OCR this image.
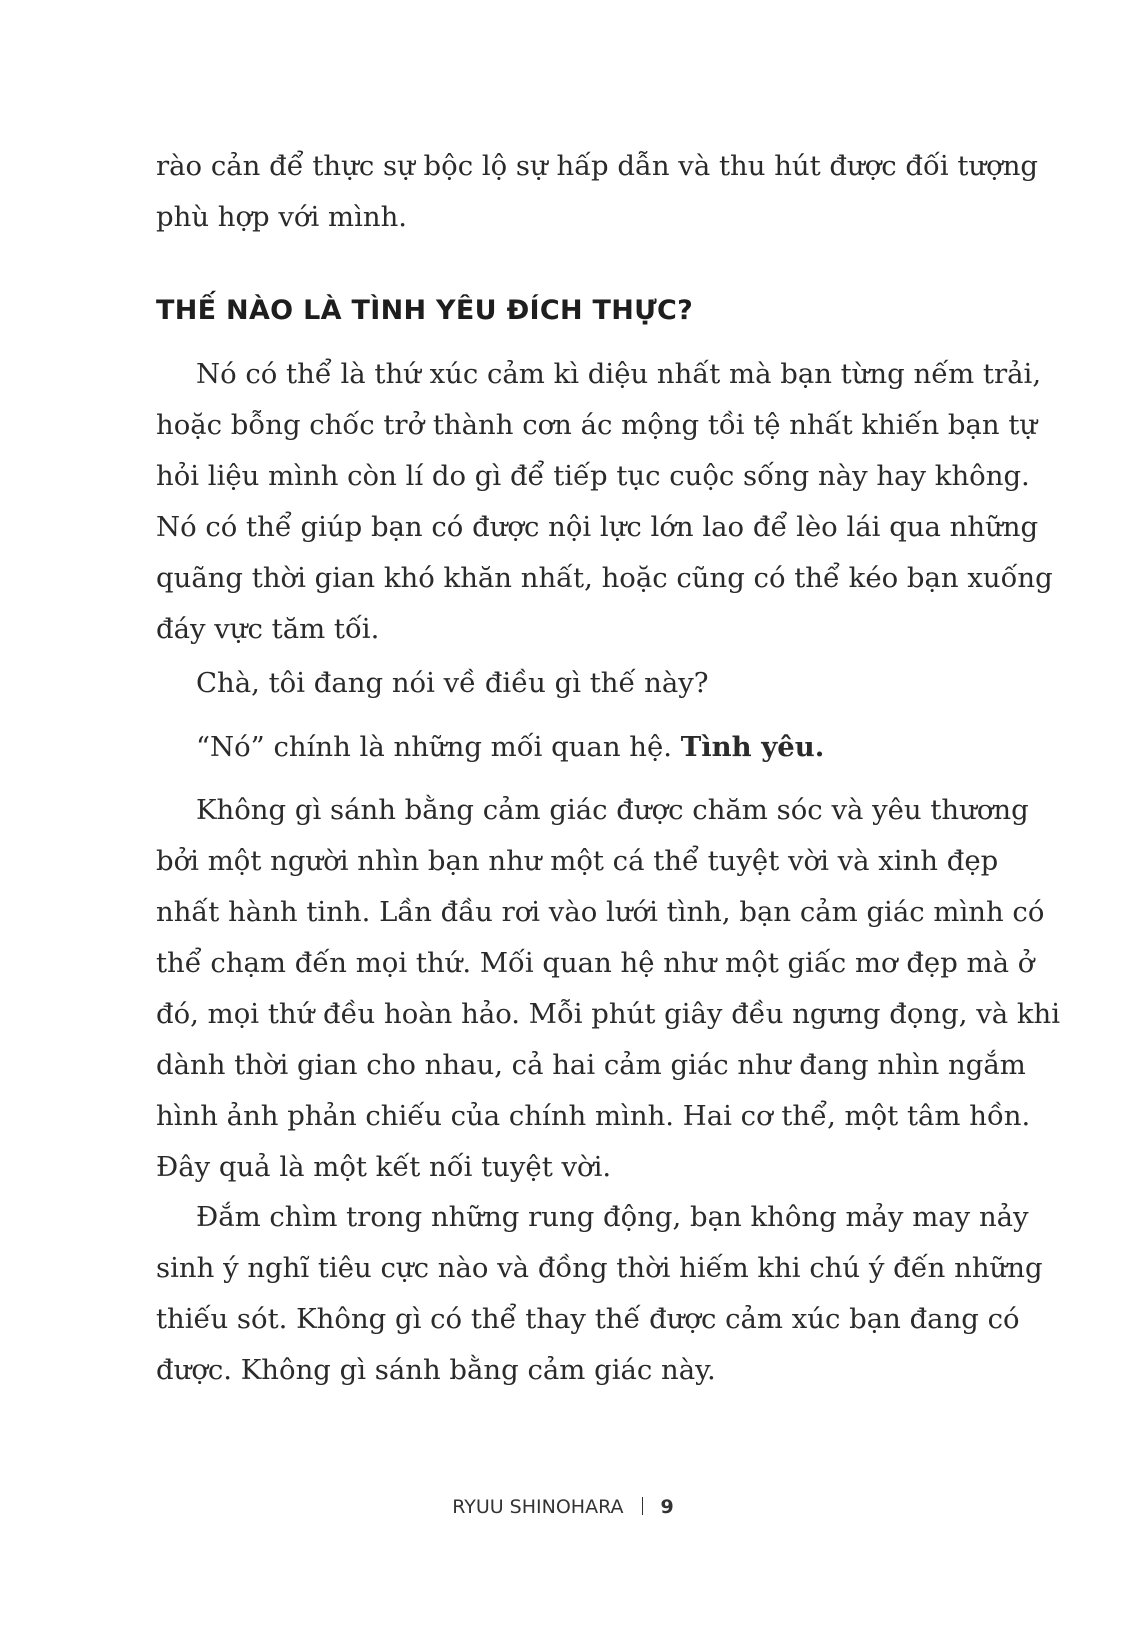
rào cản để thực sự bộc lộ sự hấp dẫn và thu hút được đối tượng
phù hợp với mình.
THẾ NÀO LÀ TÌNH YÊU ĐÍCH THỰC?
Nó có thể là thứ xúc cảm kì diệu nhất mà bạn từng nếm trải,
hoặc bỗng chốc trở thành cơn ác mộng tồi tệ nhất khiến bạn tự
hỏi liệu mình còn lí do gì để tiếp tục cuộc sống này hay không.
Nó có thể giúp bạn có được nội lực lớn lao để lèo lái qua những
quãng thời gian khó khăn nhất, hoặc cũng có thể kéo bạn xuống
đáy vực tăm tối.
Chà, tôi đang nói về điều gì thế này?
“Nó” chính là những mối quan hệ. Tình yêu.
Không gì sánh bằng cảm giác được chăm sóc và yêu thương
bởi một người nhìn bạn như một cá thể tuyệt vời và xinh đẹp
nhất hành tinh. Lần đầu rơi vào lưới tình, bạn cảm giác mình có
thể chạm đến mọi thứ. Mối quan hệ như một giấc mơ đẹp mà ở
đó, mọi thứ đều hoàn hảo. Mỗi phút giây đều ngưng đọng, và khi
dành thời gian cho nhau, cả hai cảm giác như đang nhìn ngắm
hình ảnh phản chiếu của chính mình. Hai cơ thể, một tâm hồn.
Đây quả là một kết nối tuyệt vời.
Đắm chìm trong những rung động, bạn không mảy may nảy
sinh ý nghĩ tiêu cực nào và đồng thời hiếm khi chú ý đến những
thiếu sót. Không gì có thể thay thế được cảm xúc bạn đang có
được. Không gì sánh bằng cảm giác này.
RYUU SHINOHARA 9
